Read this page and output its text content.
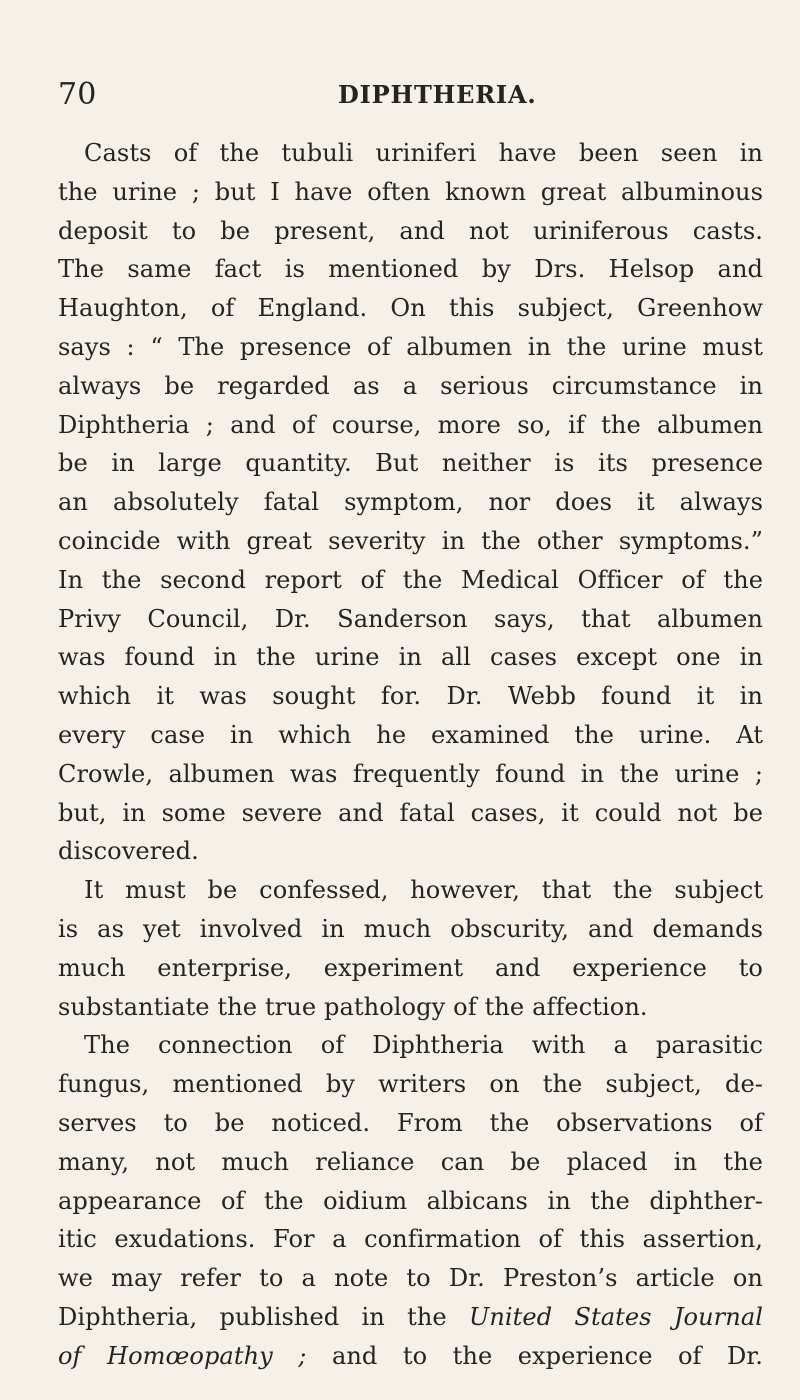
70	DIPHTHERIA.
Casts of the tubuli uriniferi have been seen in
the urine ; but I have often known great albuminous
deposit to be present, and not uriniferous casts.
The same fact is mentioned by Drs. Helsop and
Haughton, of England. On this subject, Greenhow
says : “ The presence of albumen in the urine must
always be regarded as a serious circumstance in
Diphtheria ; and of course, more so, if the albumen
be in large quantity. But neither is its presence
an absolutely fatal symptom, nor does it always
coincide with great severity in the other symptoms.”
In the second report of the Medical Officer of the
Privy Council, Dr. Sanderson says, that albumen
was found in the urine in all cases except one in
which it was sought for. Dr. Webb found it in
every case in which he examined the urine. At
Crowle, albumen was frequently found in the urine ;
but, in some severe and fatal cases, it could not be
discovered.
It must be confessed, however, that the subject
is as yet involved in much obscurity, and demands
much enterprise, experiment and experience to
substantiate the true pathology of the affection.
The connection of Diphtheria with a parasitic
fungus, mentioned by writers on the subject, de-
serves to be noticed. From the observations of
many, not much reliance can be placed in the
appearance of the oidium albicans in the diphther-
itic exudations. For a confirmation of this assertion,
we may refer to a note to Dr. Preston’s article on
Diphtheria, published in the United States Journal
of Homœopathy ; and to the experience of Dr.
